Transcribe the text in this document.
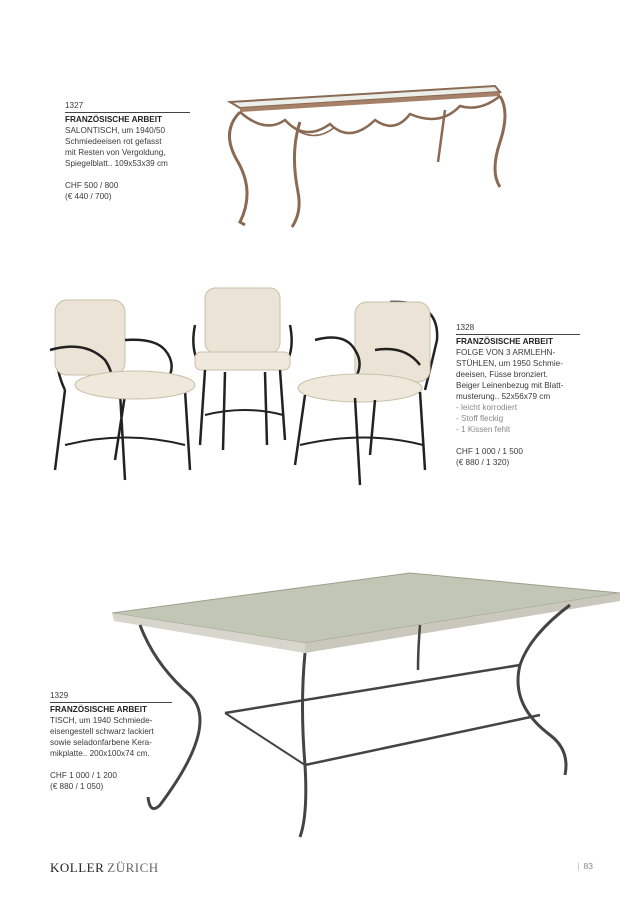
1327
FRANZÖSISCHE ARBEIT
SALONTISCH, um 1940/50
Schmiedeeisen rot gefasst
mit Resten von Vergoldung,
Spiegelblatt.. 109x53x39 cm
CHF 500 / 800
(€ 440 / 700)
1328
FRANZÖSISCHE ARBEIT
FOLGE VON 3 ARMLEHN-
STÜHLEN, um 1950 Schmie-
deeisen, Füsse bronziert.
Beiger Leinenbezug mit Blatt-
musterung.. 52x56x79 cm
- leicht korrodiert
- Stoff fleckig
- 1 Kissen fehlt
CHF 1 000 / 1 500
(€ 880 / 1 320)
1329
FRANZÖSISCHE ARBEIT
TISCH, um 1940 Schmiede-
eisengestell schwarz lackiert
sowie seladonfarbene Kera-
mikplatte.. 200x100x74 cm.
CHF 1 000 / 1 200
(€ 880 / 1 050)
KOLLER ZÜRICH	| 83
